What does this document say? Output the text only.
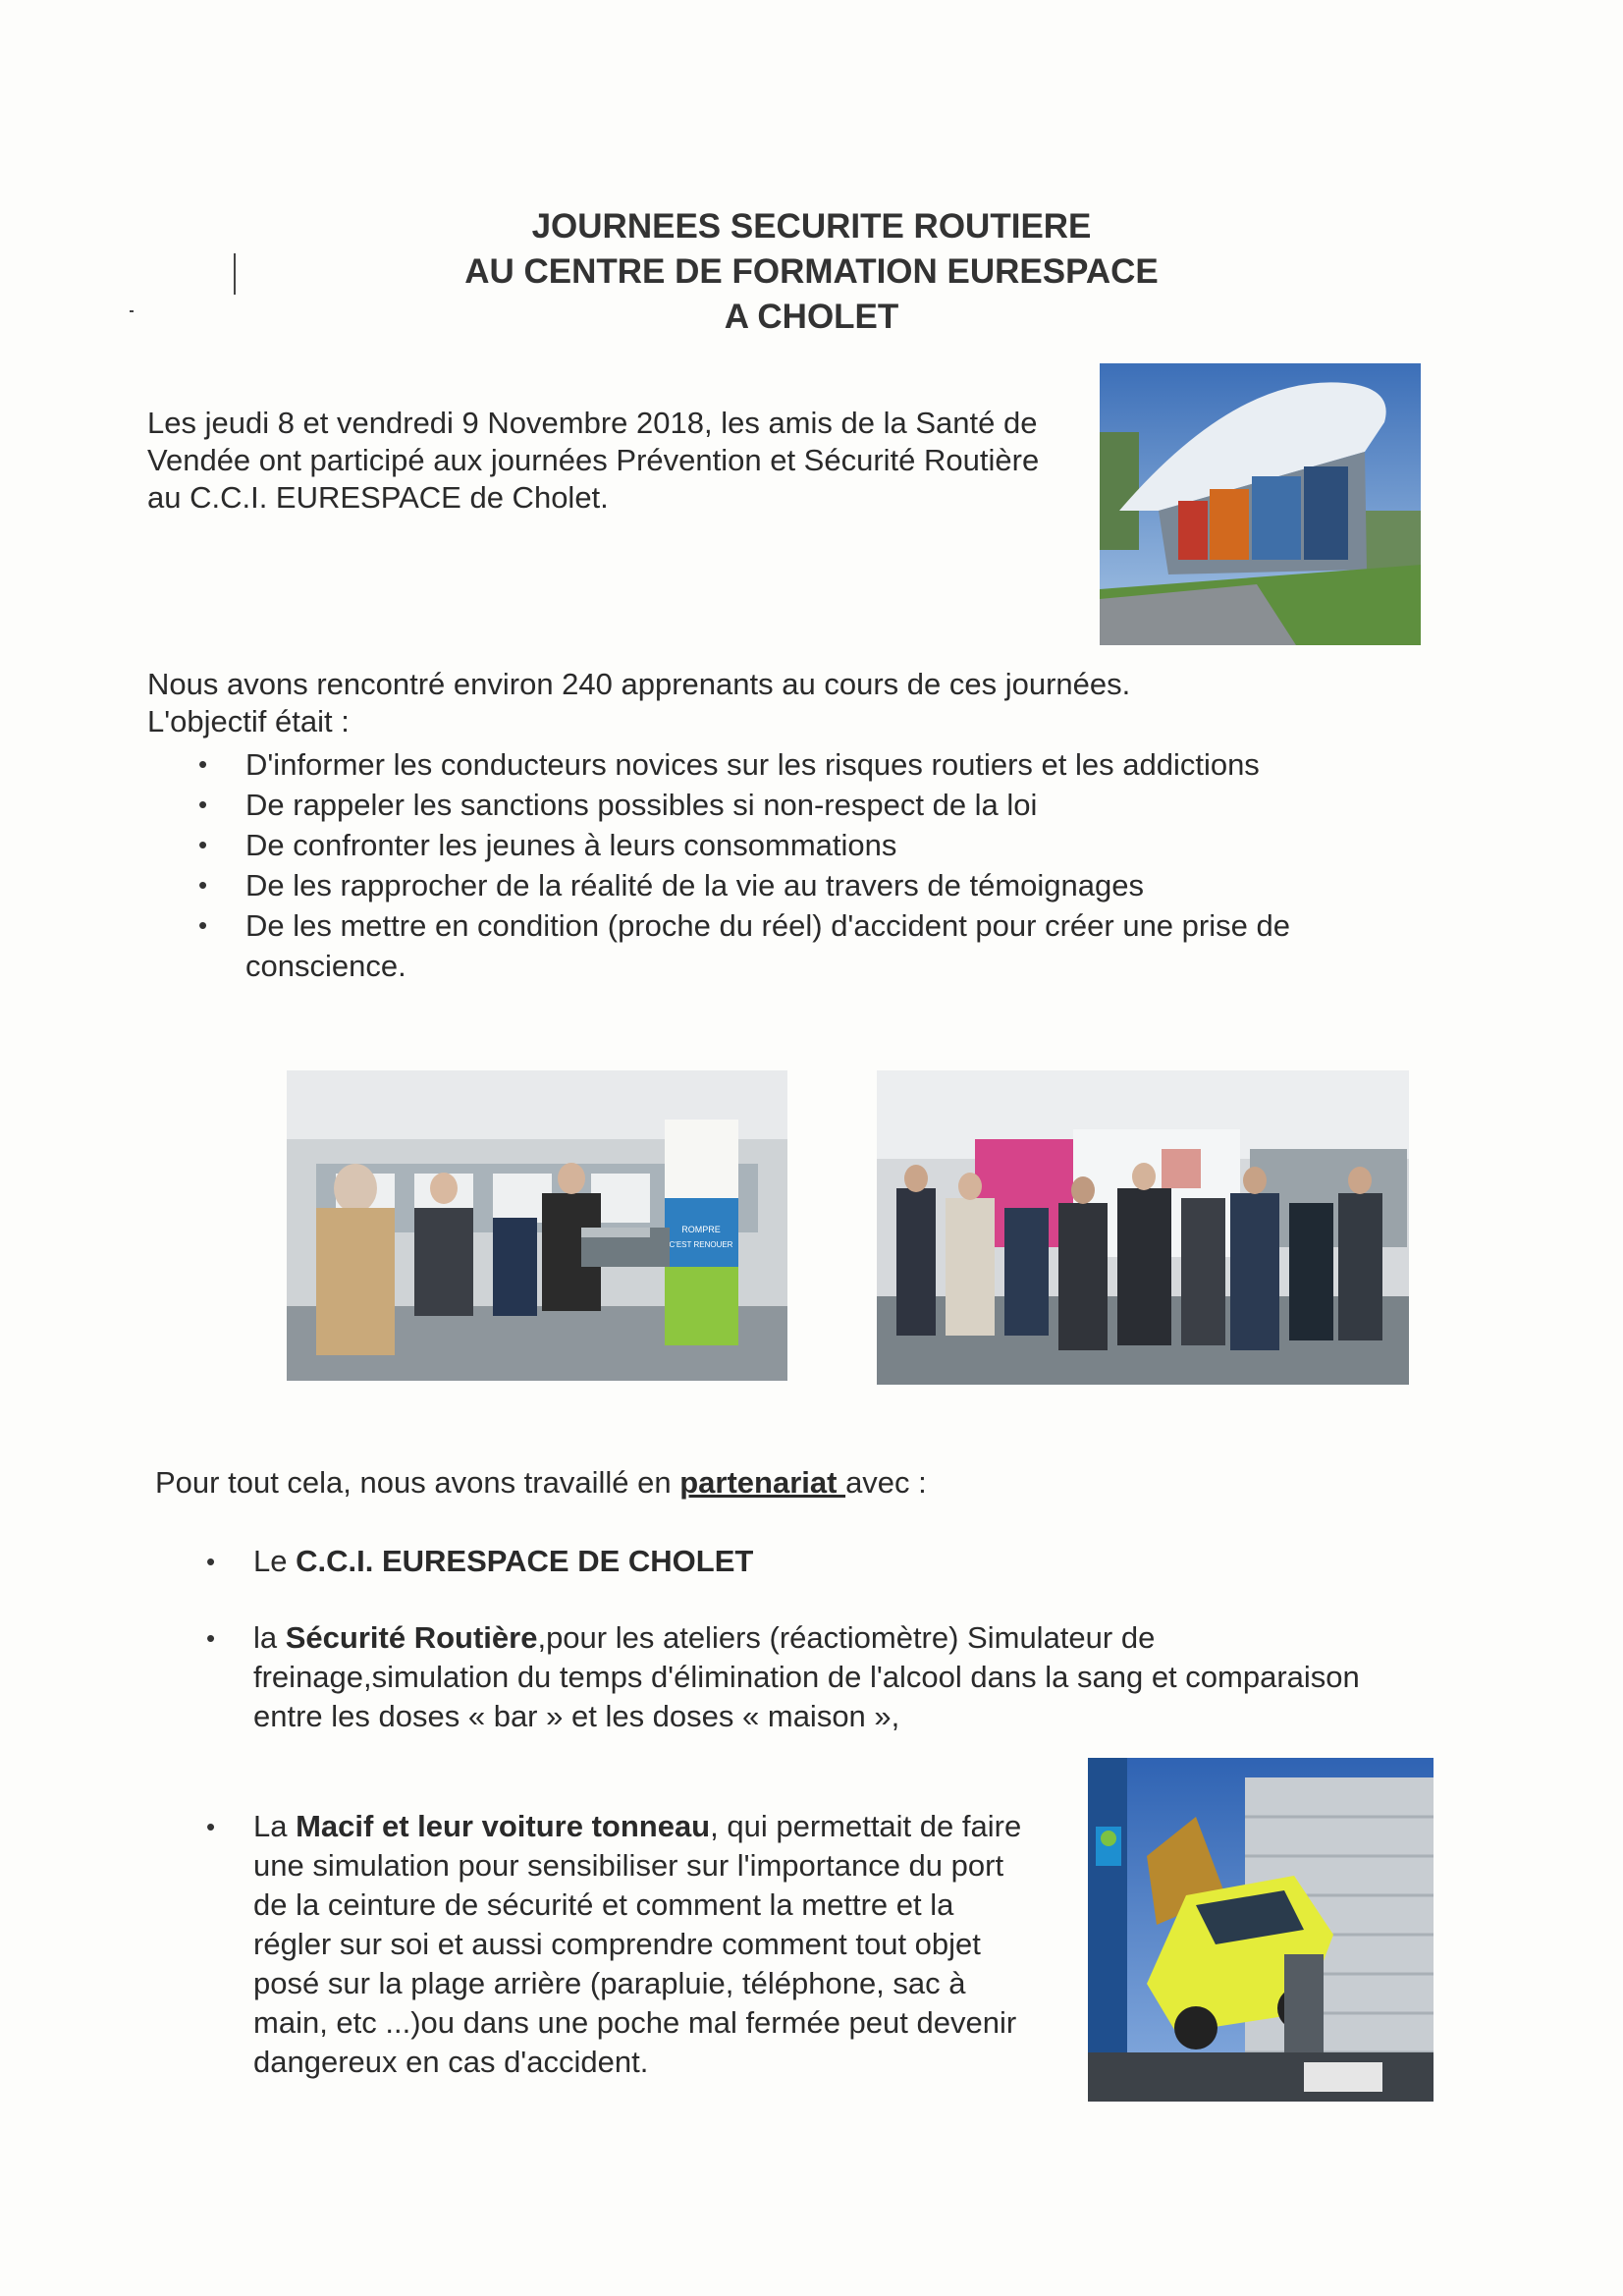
JOURNEES SECURITE ROUTIERE
AU CENTRE DE FORMATION EURESPACE
A CHOLET
Les jeudi 8 et vendredi 9 Novembre 2018, les amis de la Santé de
Vendée ont participé aux journées Prévention et Sécurité Routière
au C.C.I. EURESPACE de Cholet.
Nous avons rencontré environ 240 apprenants au cours de ces journées.
L'objectif était :
• D'informer les conducteurs novices sur les risques routiers et les addictions
• De rappeler les sanctions possibles si non-respect de la loi
• De confronter les jeunes à leurs consommations
• De les rapprocher de la réalité de la vie au travers de témoignages
• De les mettre en condition (proche du réel) d'accident pour créer une prise de
conscience.
ROMPRE
C'EST RENOUER
Pour tout cela, nous avons travaillé en partenariat avec :
• Le C.C.I. EURESPACE DE CHOLET
• la Sécurité Routière,pour les ateliers (réactiomètre) Simulateur de
freinage,simulation du temps d'élimination de l'alcool dans la sang et comparaison
entre les doses « bar » et les doses « maison »,
• La Macif et leur voiture tonneau, qui permettait de faire
une simulation pour sensibiliser sur l'importance du port
de la ceinture de sécurité et comment la mettre et la
régler sur soi et aussi comprendre comment tout objet
posé sur la plage arrière (parapluie, téléphone, sac à
main, etc ...)ou dans une poche mal fermée peut devenir
dangereux en cas d'accident.
